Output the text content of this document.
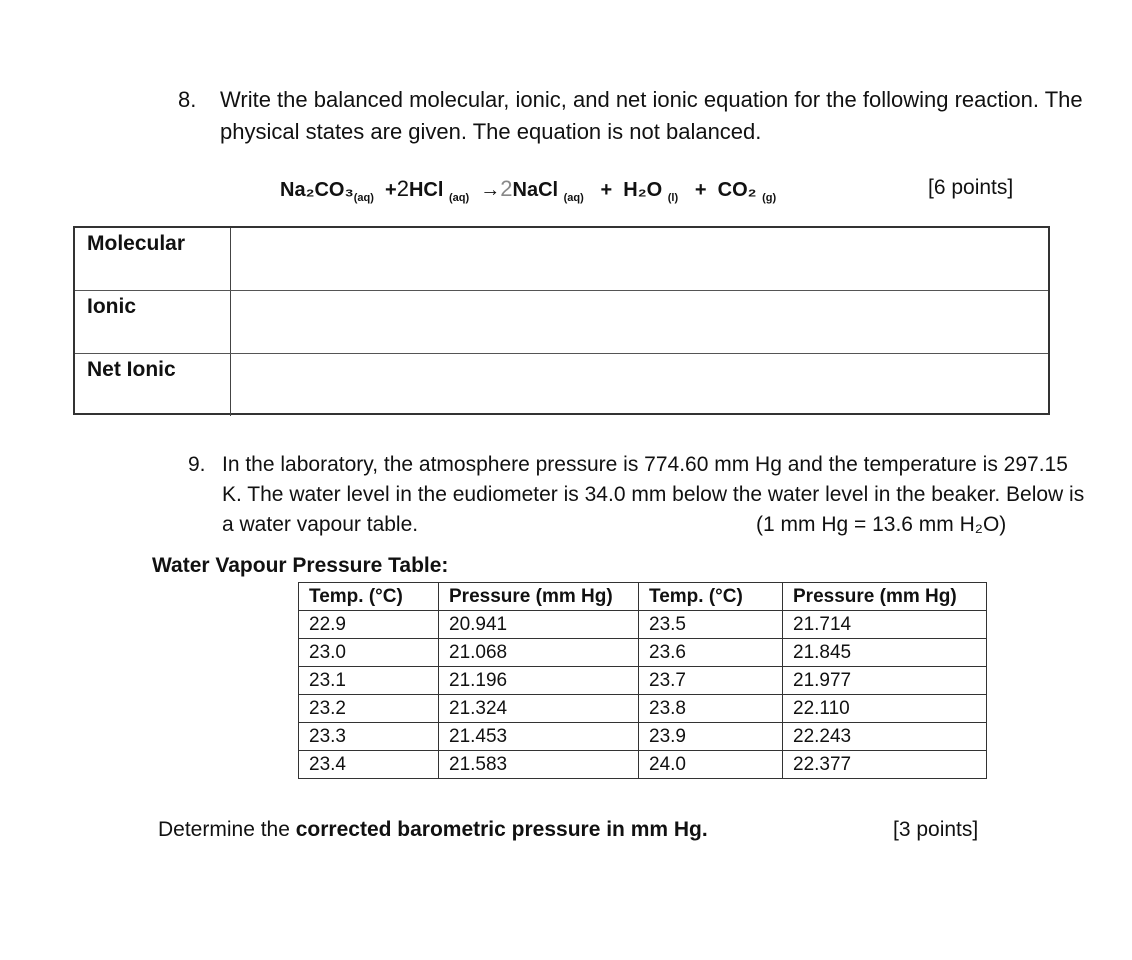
8. Write the balanced molecular, ionic, and net ionic equation for the following reaction. The physical states are given. The equation is not balanced.
$Na_2CO_3_{(aq)} +2HCl$ $_{(aq)}$ →2NaCl $_{(aq)}$ + H₂O $_{(l)}$ + CO₂ $_{(g)}$	[6 points]
Molecular
Ionic
Net Ionic
9. In the laboratory, the atmosphere pressure is 774.60 mm Hg and the temperature is 297.15 K. The water level in the eudiometer is 34.0 mm below the water level in the beaker. Below is a water vapour table.	(1 mm Hg = 13.6 mm H₂O)
Water Vapour Pressure Table:
Temp. (°C)	Pressure (mm Hg)	Temp. (°C)	Pressure (mm Hg)
22.9	20.941	23.5	21.714
23.0	21.068	23.6	21.845
23.1	21.196	23.7	21.977
23.2	21.324	23.8	22.110
23.3	21.453	23.9	22.243
23.4	21.583	24.0	22.377
Determine the corrected barometric pressure in mm Hg.	[3 points]
